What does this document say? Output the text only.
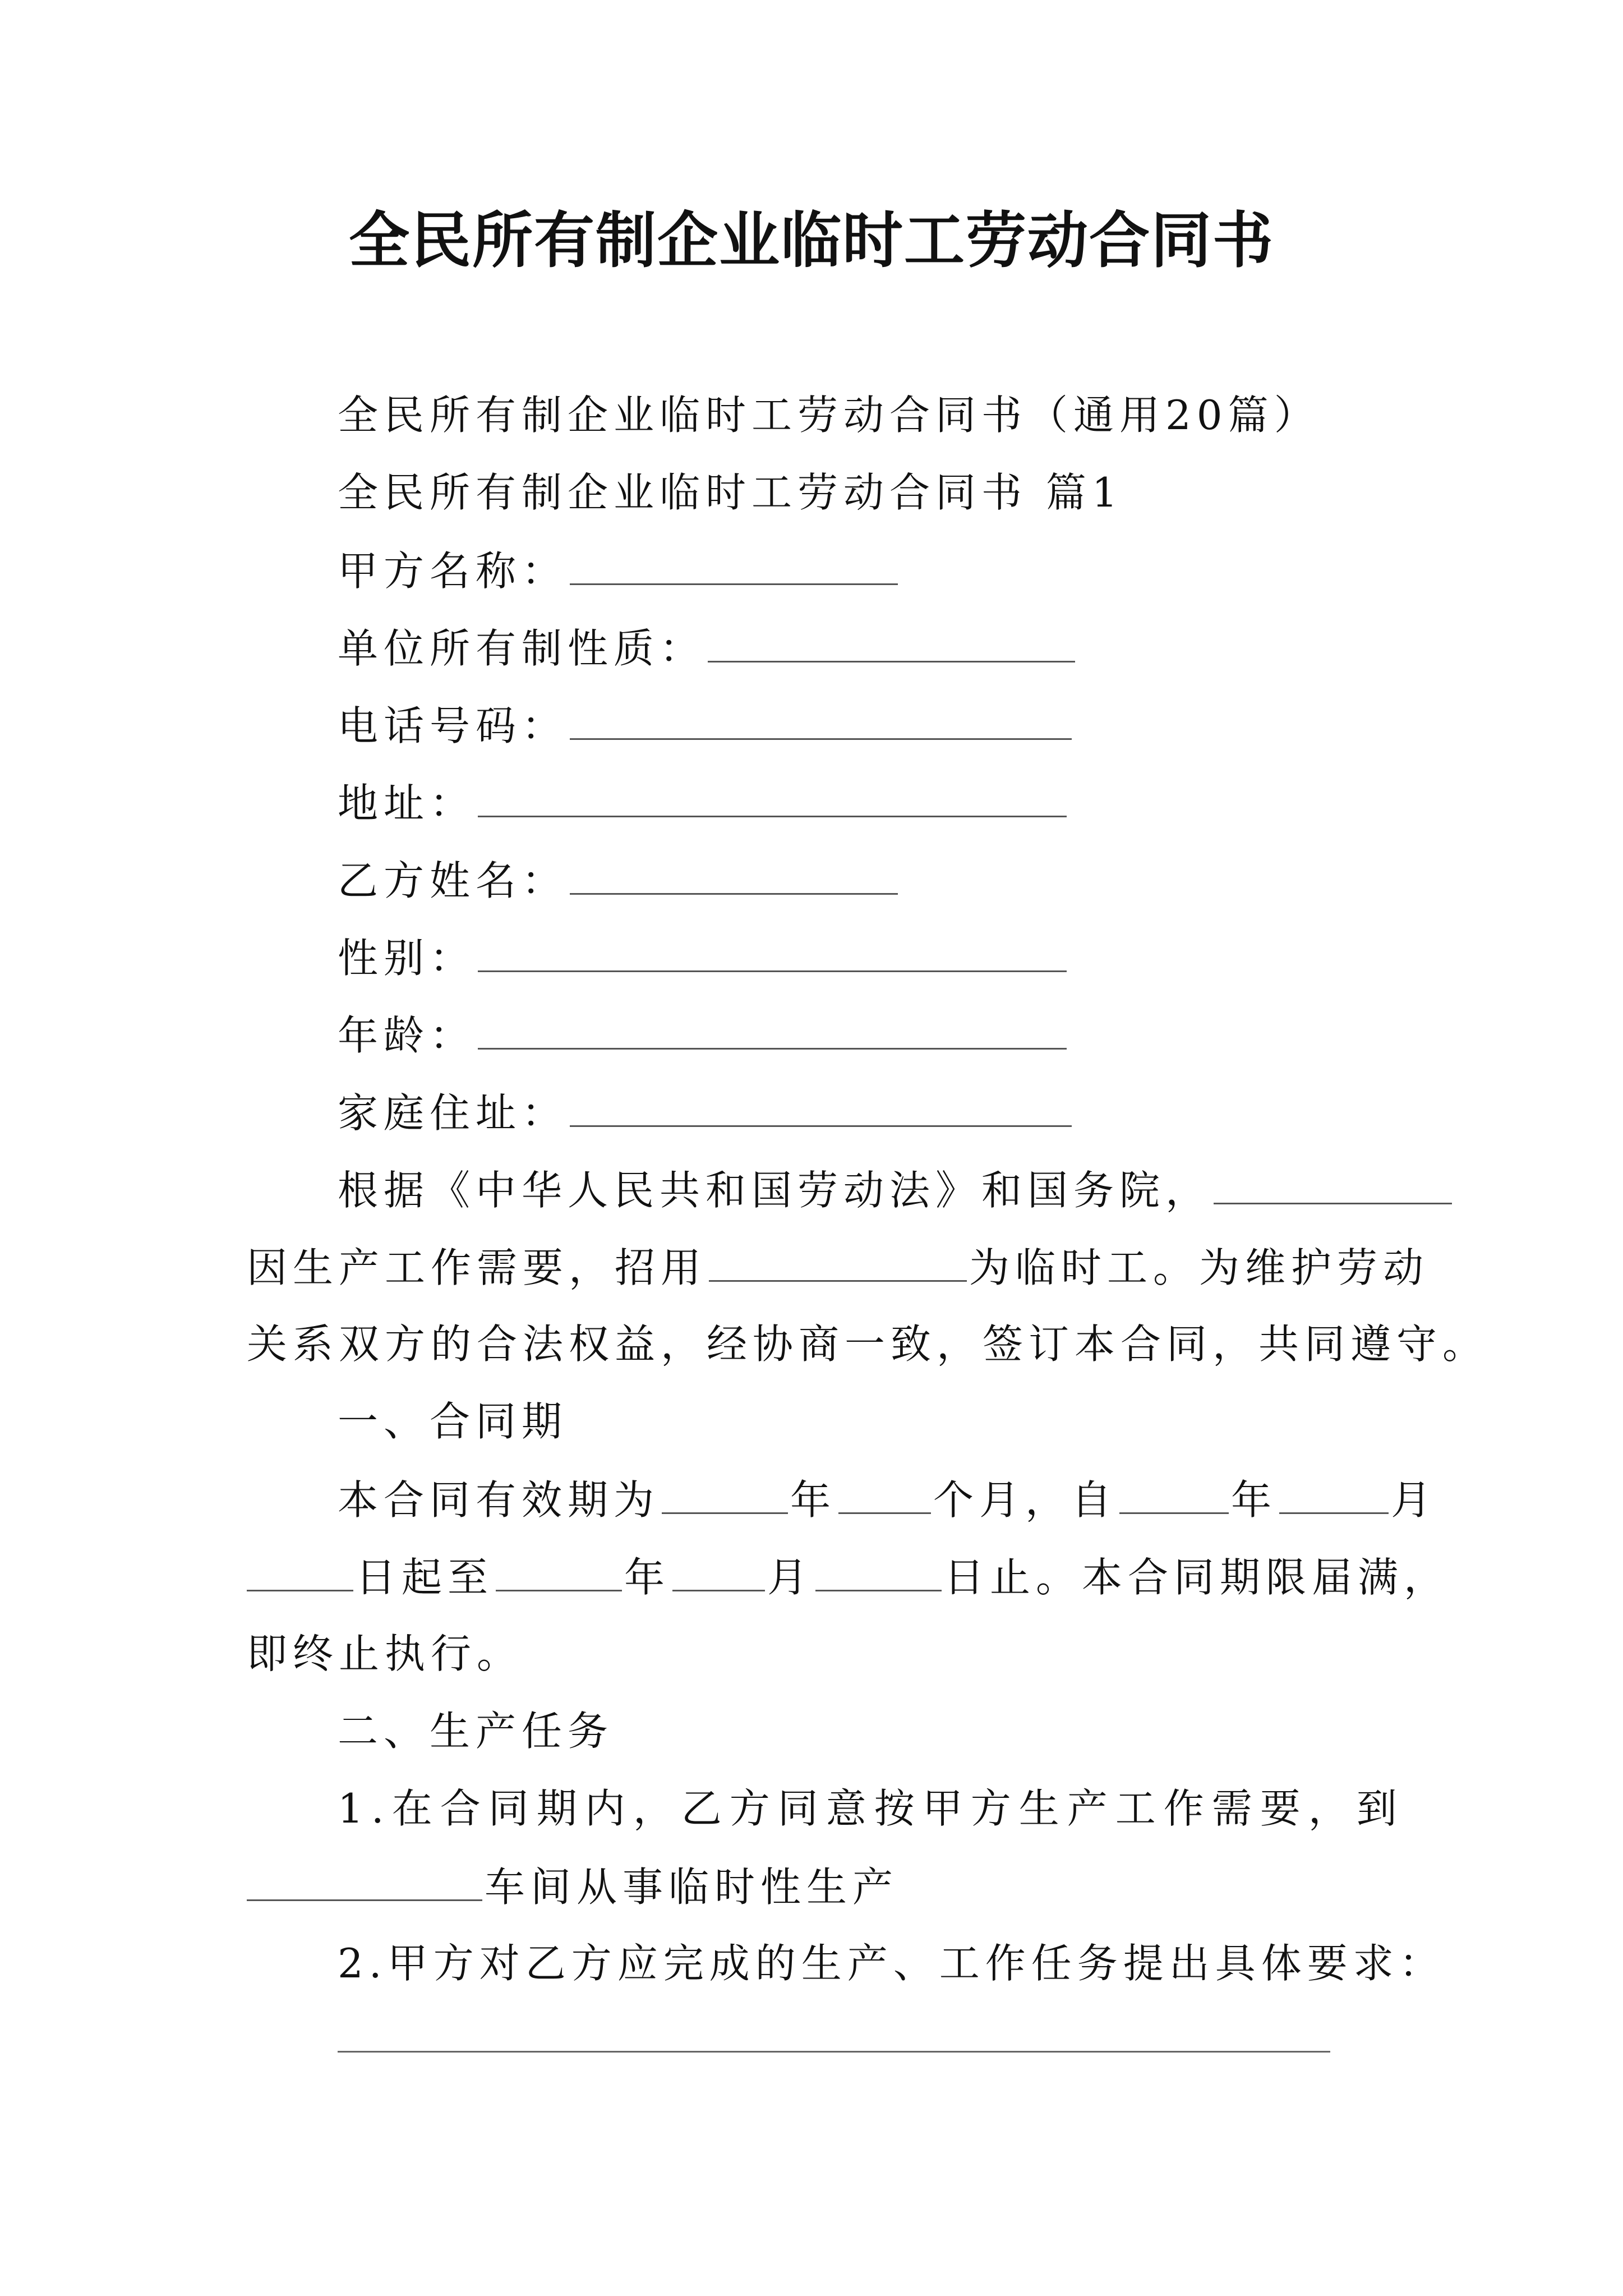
全民所有制企业临时工劳动合同书
全民所有制企业临时工劳动合同书（通用20篇）
全民所有制企业临时工劳动合同书 篇1
甲方名称：
单位所有制性质：
电话号码：
地址：
乙方姓名：
性别：
年龄：
家庭住址：
根据《中华人民共和国劳动法》和国务院，
因生产工作需要，招用	为临时工。为维护劳动
关系双方的合法权益，经协商一致，签订本合同，共同遵守。
一、合同期
本合同有效期为	年 个月，自	年	月
日起至	年 月	日止。本合同期限届满，
即终止执行。
二、生产任务
1.在合同期内，乙方同意按甲方生产工作需要，到
车间从事临时性生产
2.甲方对乙方应完成的生产、工作任务提出具体要求：
